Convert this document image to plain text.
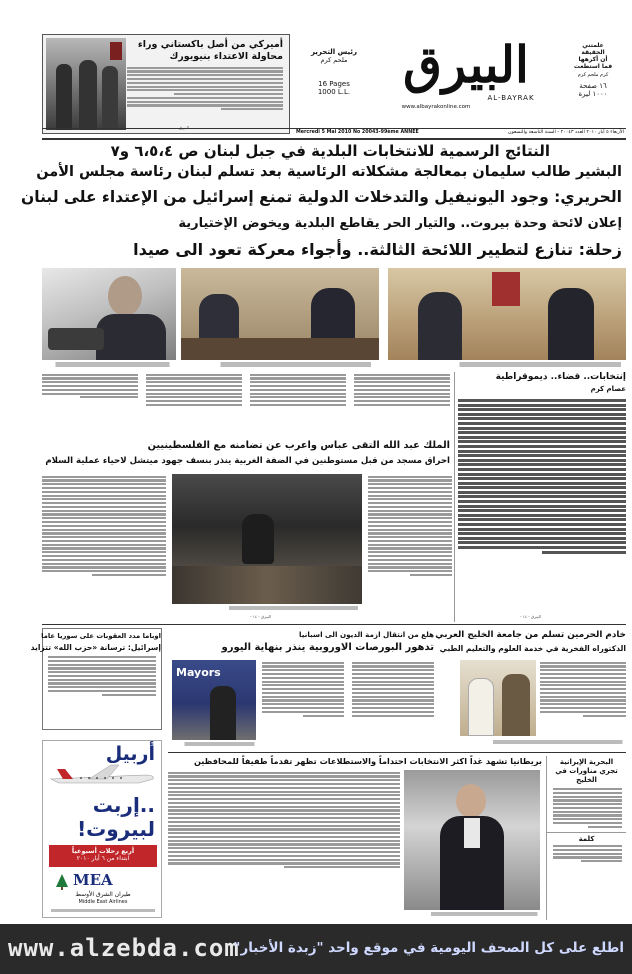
أميركي من أصل باكستاني وراء
محاولة الاعتداء بنيويورك	رئيس التحرير
ملحم كرم
16 Pages
1000 L.L.	البيرق
AL-BAYRAK
www.albayrakonline.com
علمتني
الحقيقة
أن أكرهها
فما استطعت
كرم ملحم كرم
١٦ صفحة
١٠٠٠ ليرة
Mercredi 5 Mai 2010 No 20043-99ème ANNÉE	الأربعاء ٥ أيار ٢٠١٠ العدد ٢٠٠٤٣ - السنة التاسعة والتسعون
النتائج الرسمية للانتخابات البلدية في جبل لبنان ص ٦،٥،٤ و٧
البشير طالب سليمان بمعالجة مشكلاته الرئاسية بعد تسلم لبنان رئاسة مجلس الأمن
الحريري: وجود اليونيفيل والتدخلات الدولية تمنع إسرائيل من الإعتداء على لبنان
إعلان لائحة وحدة بيروت.. والتيار الحر يقاطع البلدية ويخوض الإختيارية
زحلة: تنازع لتطيير اللائحة الثالثة.. وأجواء معركة تعود الى صيدا
إنتخابات.. قضاء.. ديموقراطية
عصام كرم
الملك عبد الله التقى عباس واعرب عن تضامنه مع الفلسطينيين
احراق مسجد من قبل مستوطنين في الضفة الغربية ينذر بنسف جهود ميتشل لاحياء عملية السلام
البيرق - ١٤ -	البيرق - ١٤ -
اوباما مدد العقوبات على سوريا عاما
إسرائيل: ترسانة «حزب الله» تتزايد
هلع من انتقال ازمة الديون الى اسبانيا
تدهور البورصات الاوروبية ينذر بنهاية اليورو
Mayors
خادم الحرمين تسلم من جامعة الخليج العربي
الدكتوراه الفخرية في خدمة العلوم والتعليم الطبي
أربيل
..إربت
لبيروت!
أربع رحلات أسبوعياً
ابتداء من ٦ أيار ٢٠١٠
MEA
طيران الشرق الأوسط
Middle East Airlines
بريطانيا تشهد غداً اكثر الانتخابات احتداماً والاستطلاعات تظهر تقدماً طفيفاً للمحافظين	البحرية الإيرانية
تجري مناورات في
الخليج
كلمة
www.alzebda.com
اطلع على كل الصحف اليومية في موقع واحد "زبدة الأخبار"
